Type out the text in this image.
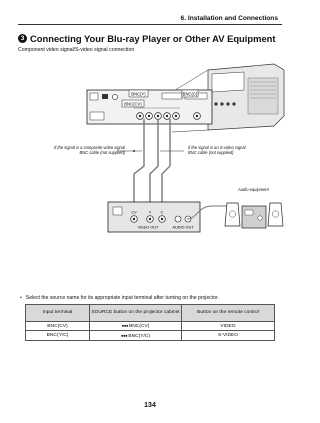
6. Installation and Connections
3 Connecting Your Blu-ray Player or Other AV Equipment
Component video signal/S-video signal connection
BNC(Y)	BNC(C)
BNC(CV)
CV	Y C
VIDEO OUT	AUDIO OUT
If the signal is a composite video signal
BNC cable (not supplied)
If the signal is an S-video signal
BNC cable (not supplied)
Audio equipment
• Select the source name for its appropriate input terminal after turning on the projector.
Input terminal	SOURCE button on the projector cabinet	Button on the remote control
BNC(CV)	●●●BNC(CV)	VIDEO
BNC(Y/C)	●●●BNC(Y/C)	S-VIDEO
134
